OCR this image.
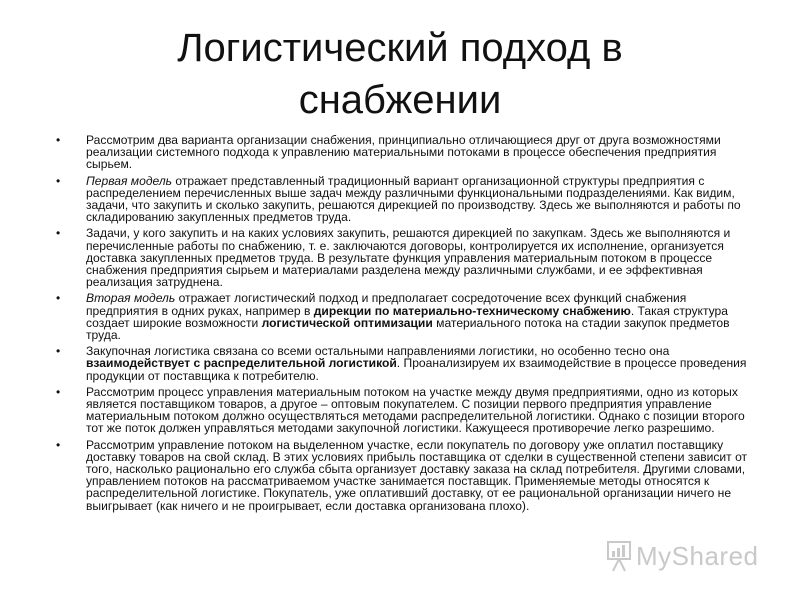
Логистический подход в
снабжении
• Рассмотрим два варианта организации снабжения, принципиально отличающиеся друг от друга возможностями реализации системного подхода к управлению материальными потоками в процессе обеспечения предприятия сырьем.
• Первая модель отражает представленный традиционный вариант организационной структуры предприятия с распределением перечисленных выше задач между различными функциональными подразделениями. Как видим, задачи, что закупить и сколько закупить, решаются дирекцией по производству. Здесь же выполняются и работы по складированию закупленных предметов труда.
• Задачи, у кого закупить и на каких условиях закупить, решаются дирекцией по закупкам. Здесь же выполняются и перечисленные работы по снабжению, т. е. заключаются договоры, контролируется их исполнение, организуется доставка закупленных предметов труда. В результате функция управления материальным потоком в процессе снабжения предприятия сырьем и материалами разделена между различными службами, и ее эффективная реализация затруднена.
• Вторая модель отражает логистический подход и предполагает сосредоточение всех функций снабжения предприятия в одних руках, например в дирекции по материально-техническому снабжению. Такая структура создает широкие возможности логистической оптимизации материального потока на стадии закупок предметов труда.
• Закупочная логистика связана со всеми остальными направлениями логистики, но особенно тесно она взаимодействует с распределительной логистикой. Проанализируем их взаимодействие в процессе проведения продукции от поставщика к потребителю.
• Рассмотрим процесс управления материальным потоком на участке между двумя предприятиями, одно из которых является поставщиком товаров, а другое – оптовым покупателем. С позиции первого предприятия управление материальным потоком должно осуществляться методами распределительной логистики. Однако с позиции второго тот же поток должен управляться методами закупочной логистики. Кажущееся противоречие легко разрешимо.
• Рассмотрим управление потоком на выделенном участке, если покупатель по договору уже оплатил поставщику доставку товаров на свой склад. В этих условиях прибыль поставщика от сделки в существенной степени зависит от того, насколько рационально его служба сбыта организует доставку заказа на склад потребителя. Другими словами, управлением потоков на рассматриваемом участке занимается поставщик. Применяемые методы относятся к распределительной логистике. Покупатель, уже оплативший доставку, от ее рациональной организации ничего не выигрывает (как ничего и не проигрывает, если доставка организована плохо).
MyShared
